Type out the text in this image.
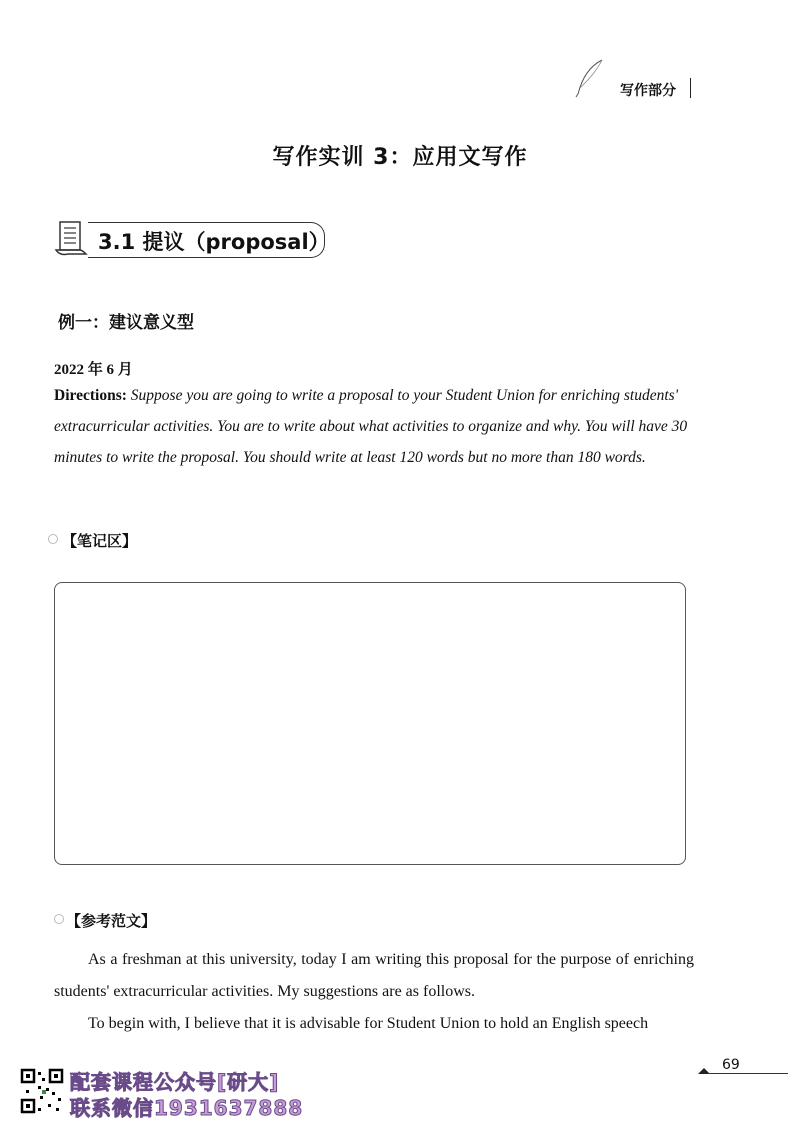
写作部分
写作实训 3：应用文写作
3.1 提议（proposal）
例一：建议意义型
2022 年 6 月
Directions: Suppose you are going to write a proposal to your Student Union for enriching students' extracurricular activities. You are to write about what activities to organize and why. You will have 30 minutes to write the proposal. You should write at least 120 words but no more than 180 words.
【笔记区】
【参考范文】

As a freshman at this university, today I am writing this proposal for the purpose of enriching students' extracurricular activities. My suggestions are as follows.

To begin with, I believe that it is advisable for Student Union to hold an English speech

69
配套课程公众号[研大]
联系微信1931637888
